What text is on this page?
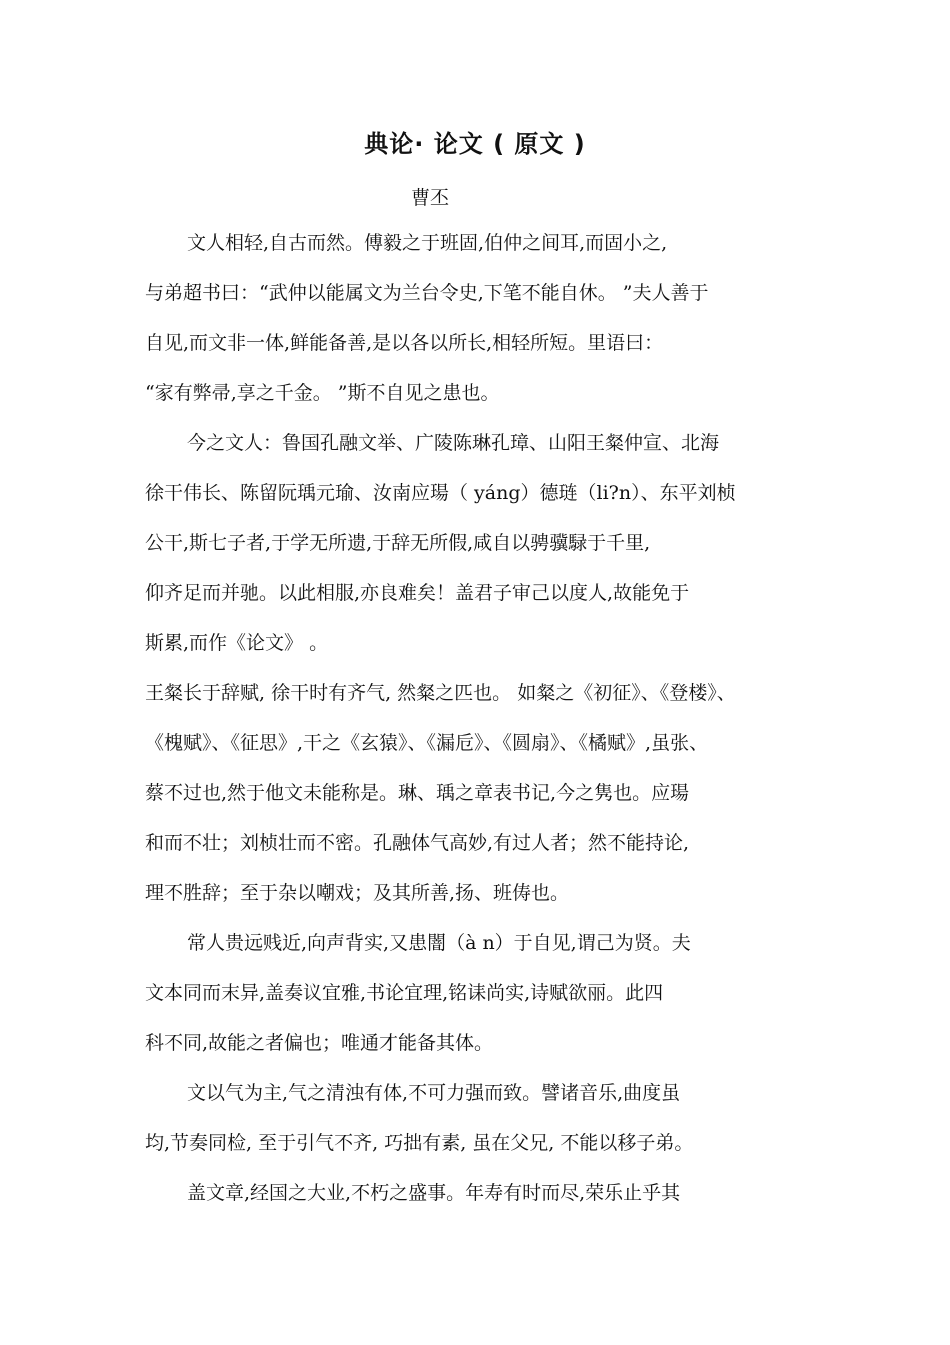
典论· 论文 ( 原文 )
曹丕
文人相轻,自古而然。傅毅之于班固,伯仲之间耳,而固小之,
与弟超书曰：“武仲以能属文为兰台令史,下笔不能自休。 ”夫人善于
自见,而文非一体,鲜能备善,是以各以所长,相轻所短。里语曰：
“家有弊帚,享之千金。 ”斯不自见之患也。
今之文人：鲁国孔融文举、广陵陈琳孔璋、山阳王粲仲宣、北海
徐干伟长、陈留阮瑀元瑜、汝南应瑒（ yáng）德琏（li?n）、东平刘桢
公干,斯七子者,于学无所遗,于辞无所假,咸自以骋骥騄于千里,
仰齐足而并驰。以此相服,亦良难矣！盖君子审己以度人,故能免于
斯累,而作《论文》 。
王粲长于辞赋, 徐干时有齐气, 然粲之匹也。 如粲之《初征》、《登楼》、
《槐赋》、《征思》,干之《玄猿》、《漏卮》、《圆扇》、《橘赋》,虽张、
蔡不过也,然于他文未能称是。琳、瑀之章表书记,今之隽也。应瑒
和而不壮；刘桢壮而不密。孔融体气高妙,有过人者；然不能持论,
理不胜辞；至于杂以嘲戏；及其所善,扬、班俦也。
常人贵远贱近,向声背实,又患闇（à n）于自见,谓己为贤。夫
文本同而末异,盖奏议宜雅,书论宜理,铭诔尚实,诗赋欲丽。此四
科不同,故能之者偏也；唯通才能备其体。
文以气为主,气之清浊有体,不可力强而致。譬诸音乐,曲度虽
均,节奏同检, 至于引气不齐, 巧拙有素, 虽在父兄, 不能以移子弟。
盖文章,经国之大业,不朽之盛事。年寿有时而尽,荣乐止乎其
